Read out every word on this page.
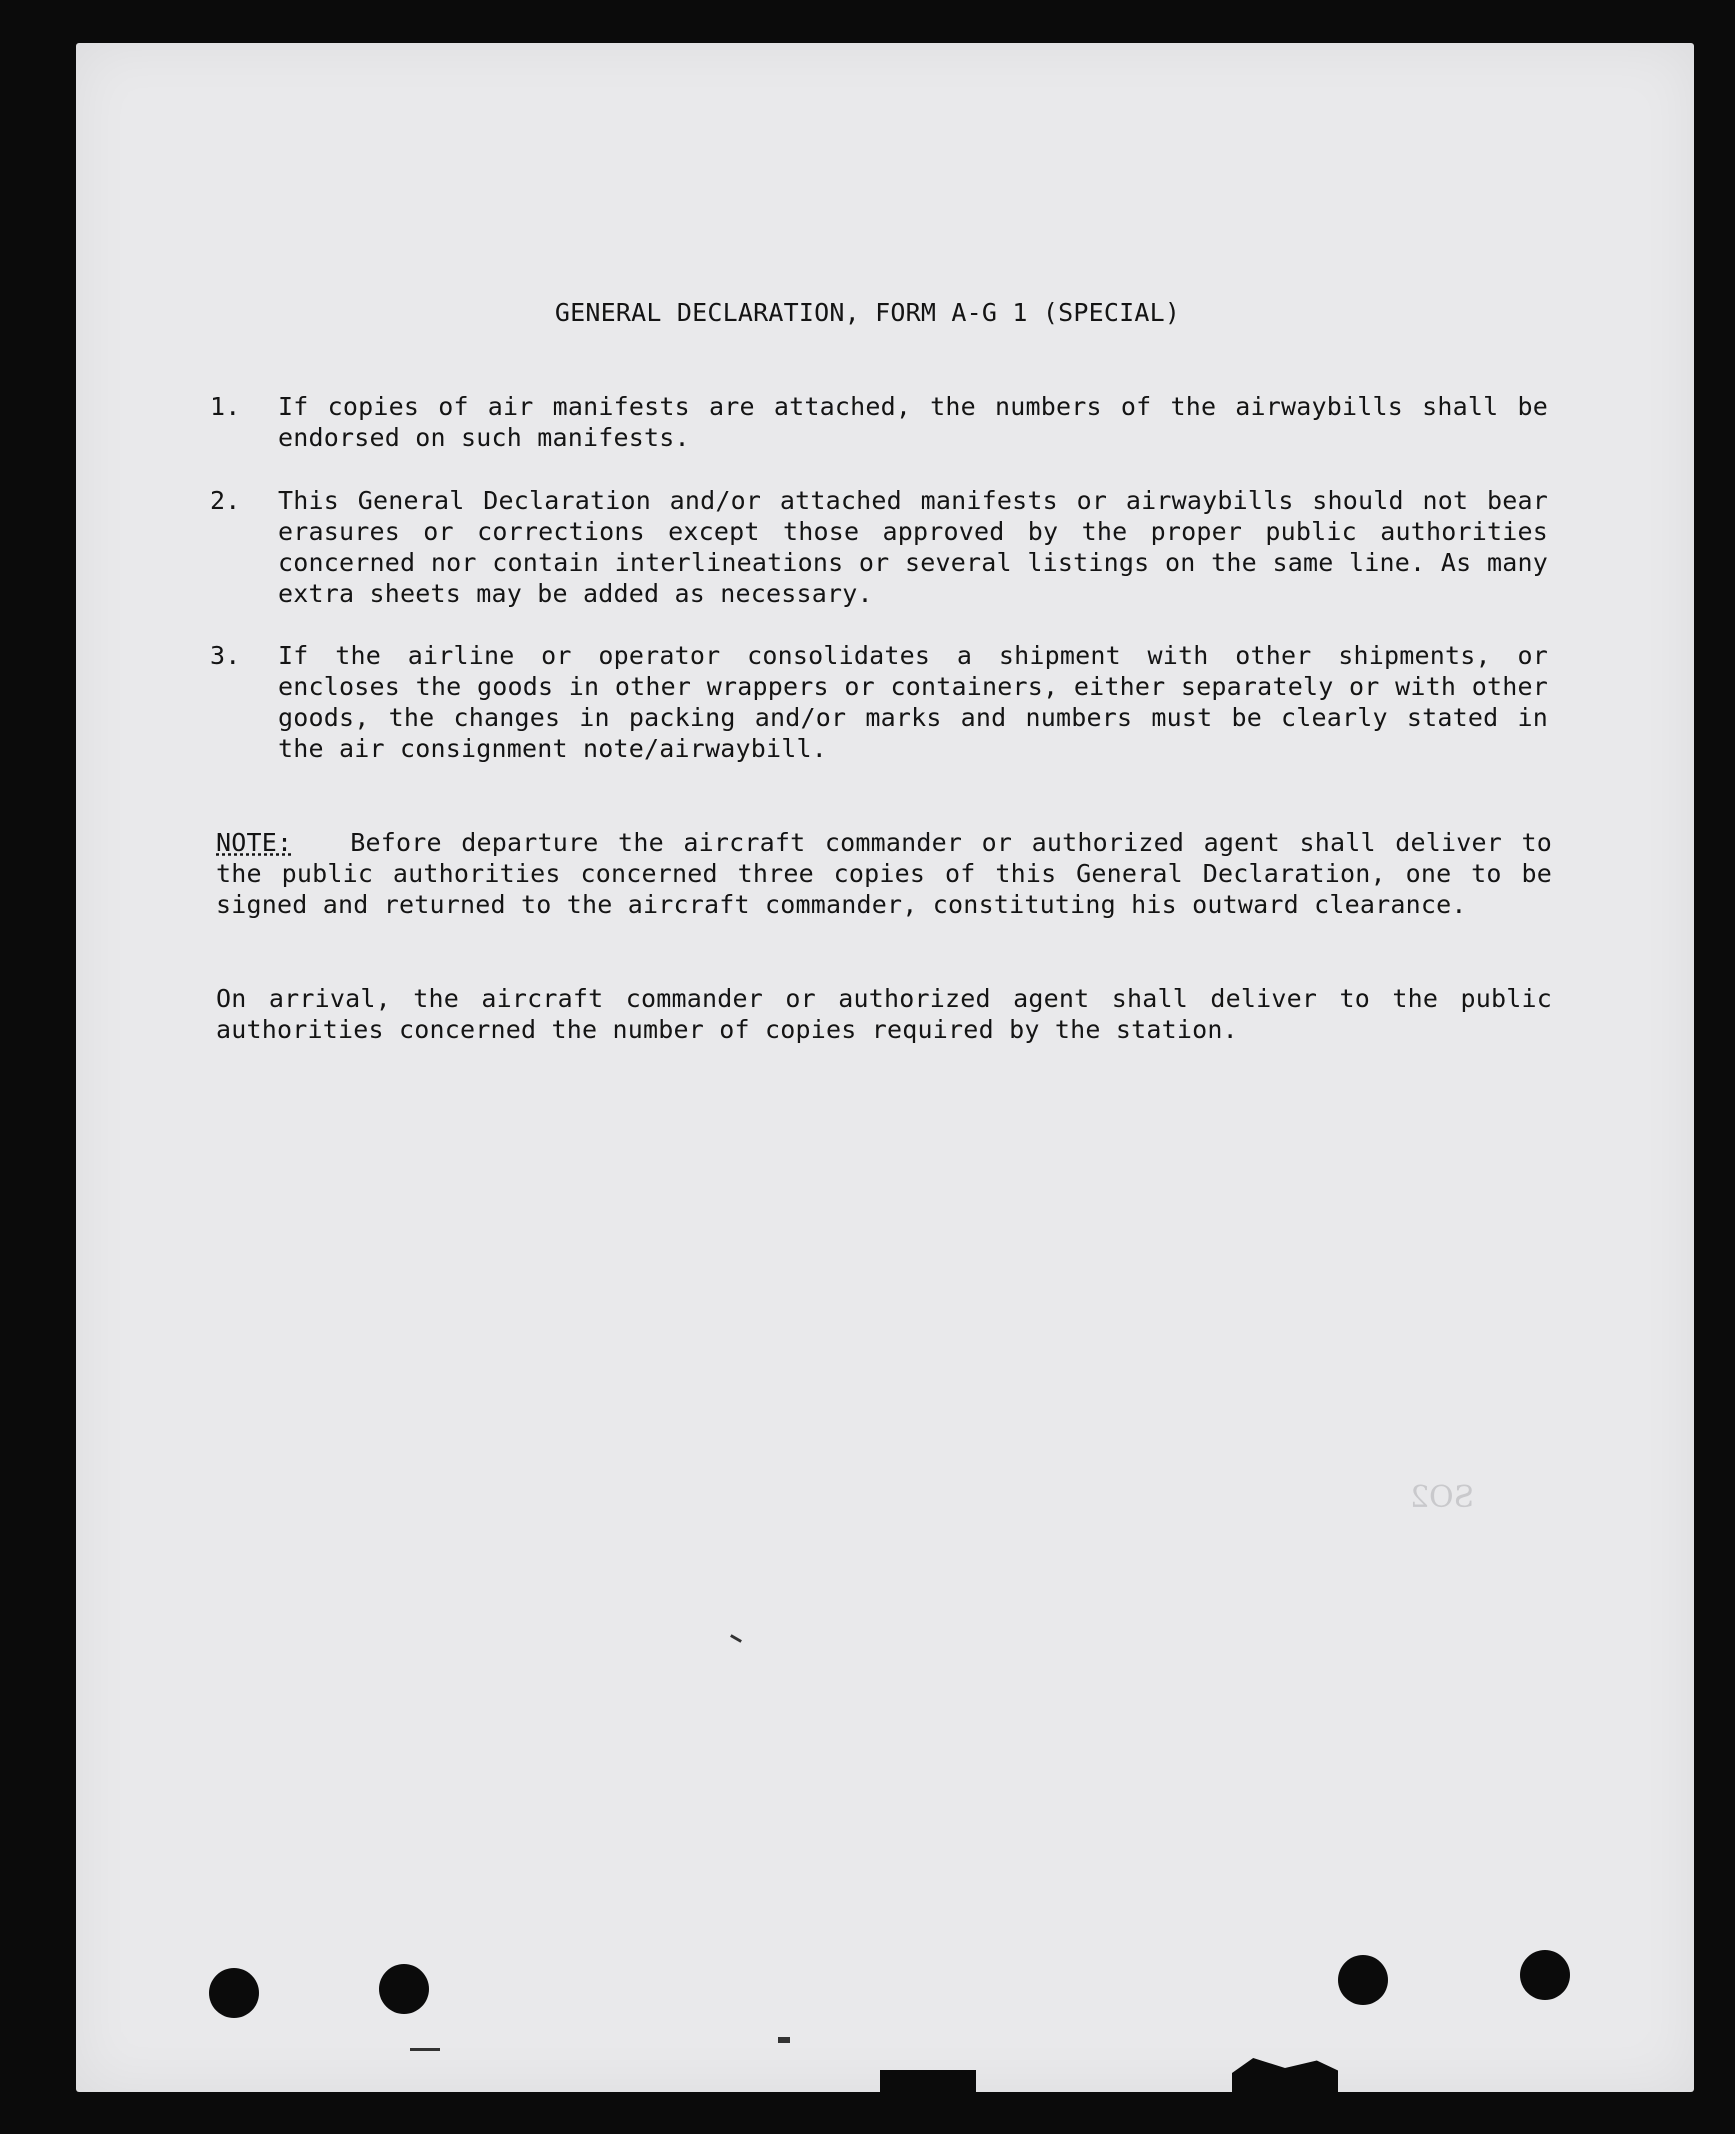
SO2
GENERAL DECLARATION, FORM A-G 1 (SPECIAL)
1. If copies of air manifests are attached, the numbers of the airwaybills shall be endorsed on such manifests.
2. This General Declaration and/or attached manifests or airwaybills should not bear erasures or corrections except those approved by the proper public authorities concerned nor contain interlineations or several listings on the same line. As many extra sheets may be added as necessary.
3. If the airline or operator consolidates a shipment with other shipments, or encloses the goods in other wrappers or containers, either separately or with other goods, the changes in packing and/or marks and numbers must be clearly stated in the air consignment note/airwaybill.
NOTE: Before departure the aircraft commander or authorized agent shall deliver to the public authorities concerned three copies of this General Declaration, one to be signed and returned to the aircraft commander, constituting his outward clearance.
On arrival, the aircraft commander or authorized agent shall deliver to the public authorities concerned the number of copies required by the station.
